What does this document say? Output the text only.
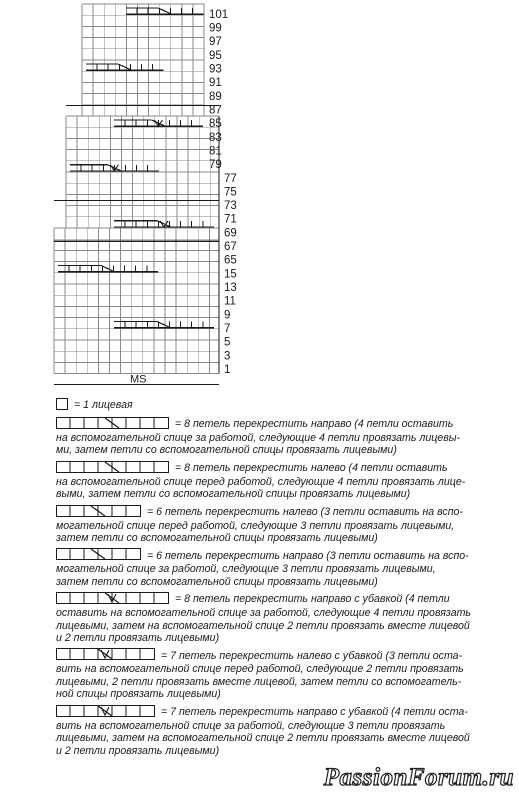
101
99
97
95
93
91
89
87
85
83
81
79
77
75
73
71
69
67
65
15
13
11
9
7
5
3
1
MS
= 1 лицевая
= 8 петель перекрестить направо (4 петли оставить
на вспомогательной спице за работой, следующие 4 петли провязать лицевы-
ми, затем петли со вспомогательной спицы провязать лицевыми)
= 8 петель перекрестить налево (4 петли оставить
на вспомогательной спице перед работой, следующие 4 петли провязать лице-
выми, затем петли со вспомогательной спицы провязать лицевыми)
= 6 петель перекрестить налево (3 петли оставить на вспо-
могательной спице перед работой, следующие 3 петли провязать лицевыми,
затем петли со вспомогательной спицы провязать лицевыми)
= 6 петель перекрестить направо (3 петли оставить на вспо-
могательной спице за работой, следующие 3 петли провязать лицевыми,
затем петли со вспомогательной спицы провязать лицевыми)
= 8 петель перекрестить направо с убавкой (4 петли
оставить на вспомогательной спице за работой, следующие 4 петли провязать
лицевыми, затем на вспомогательной спице 2 петли провязать вместе лицевой
и 2 петли провязать лицевыми)
= 7 петель перекрестить налево с убавкой (3 петли оста-
вить на вспомогательной спице перед работой, следующие 2 петли провязать
лицевыми, 2 петли провязать вместе лицевой, затем петли со вспомогатель-
ной спицы провязать лицевыми)
= 7 петель перекрестить направо с убавкой (4 петли оста-
вить на вспомогательной спице за работой, следующие 3 петли провязать
лицевыми, затем на вспомогательной спице 2 петли провязать вместе лицевой
и 2 петли провязать лицевыми)
PassionForum.ru
